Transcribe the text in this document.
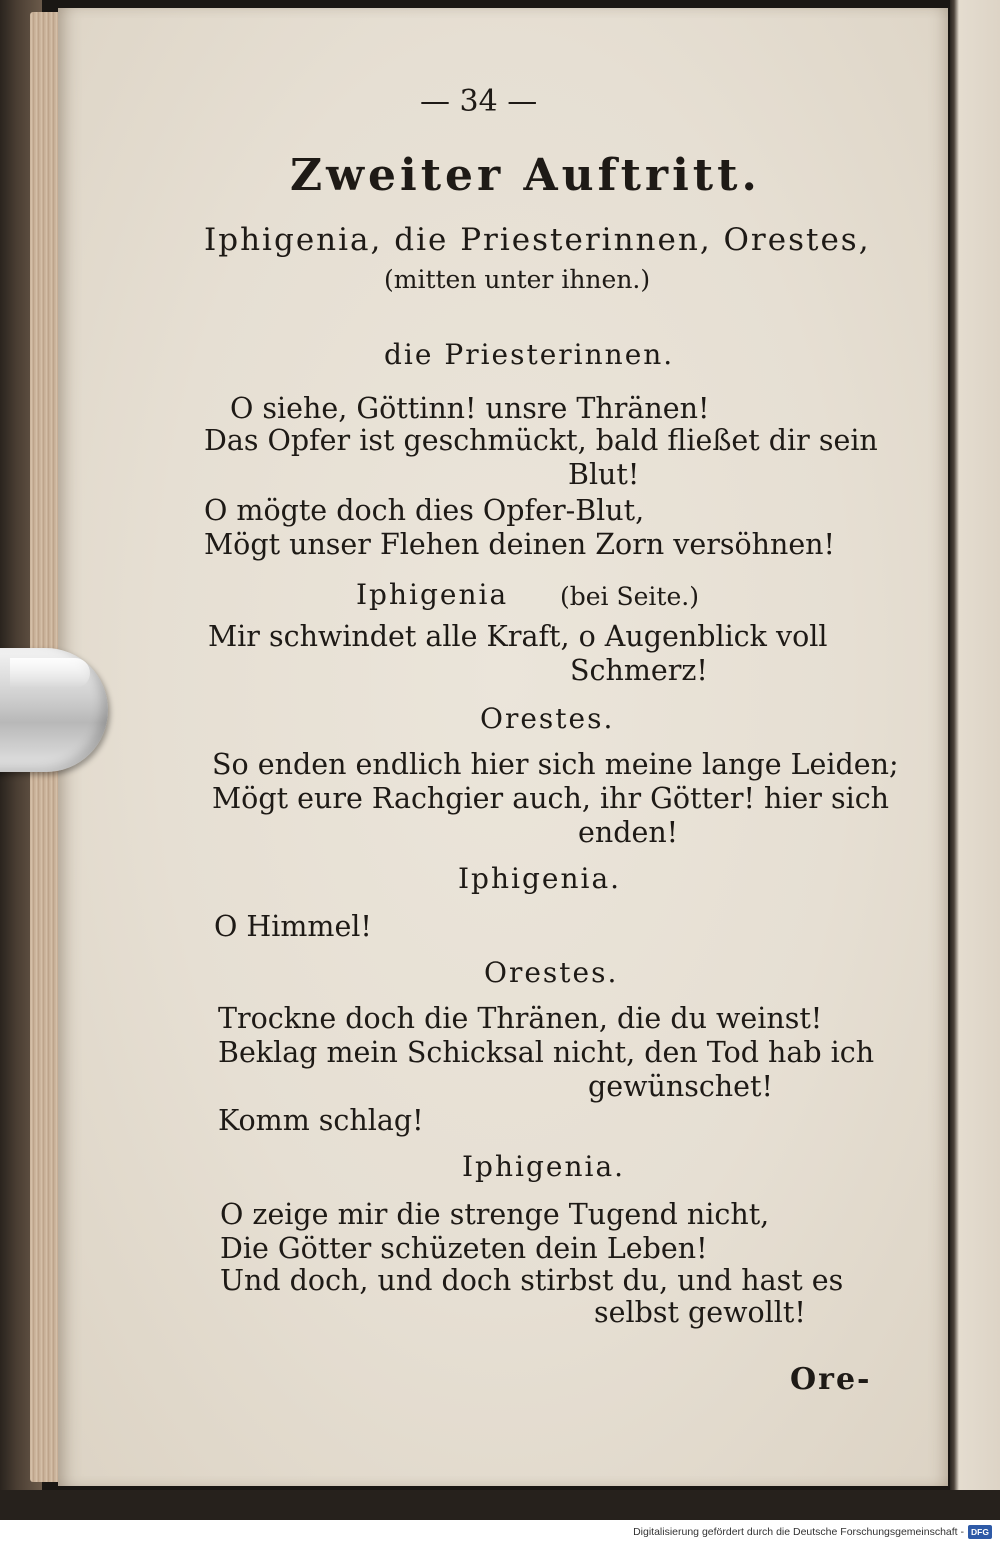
— 34 —
Zweiter Auftritt.
Iphigenia, die Priesterinnen, Orestes,
(mitten unter ihnen.)
die Priesterinnen.
O siehe, Göttinn! unsre Thränen!
Das Opfer ist geschmückt, bald fließet dir sein
Blut!
O mögte doch dies Opfer-Blut,
Mögt unser Flehen deinen Zorn versöhnen!
Iphigenia (bei Seite.)
Mir schwindet alle Kraft, o Augenblick voll
Schmerz!
Orestes.
So enden endlich hier sich meine lange Leiden;
Mögt eure Rachgier auch, ihr Götter! hier sich
enden!
Iphigenia.
O Himmel!
Orestes.
Trockne doch die Thränen, die du weinst!
Beklag mein Schicksal nicht, den Tod hab ich
gewünschet!
Komm schlag!
Iphigenia.
O zeige mir die strenge Tugend nicht,
Die Götter schüzeten dein Leben!
Und doch, und doch stirbst du, und hast es
selbst gewollt!
Ore-
Digitalisierung gefördert durch die Deutsche Forschungsgemeinschaft - DFG
